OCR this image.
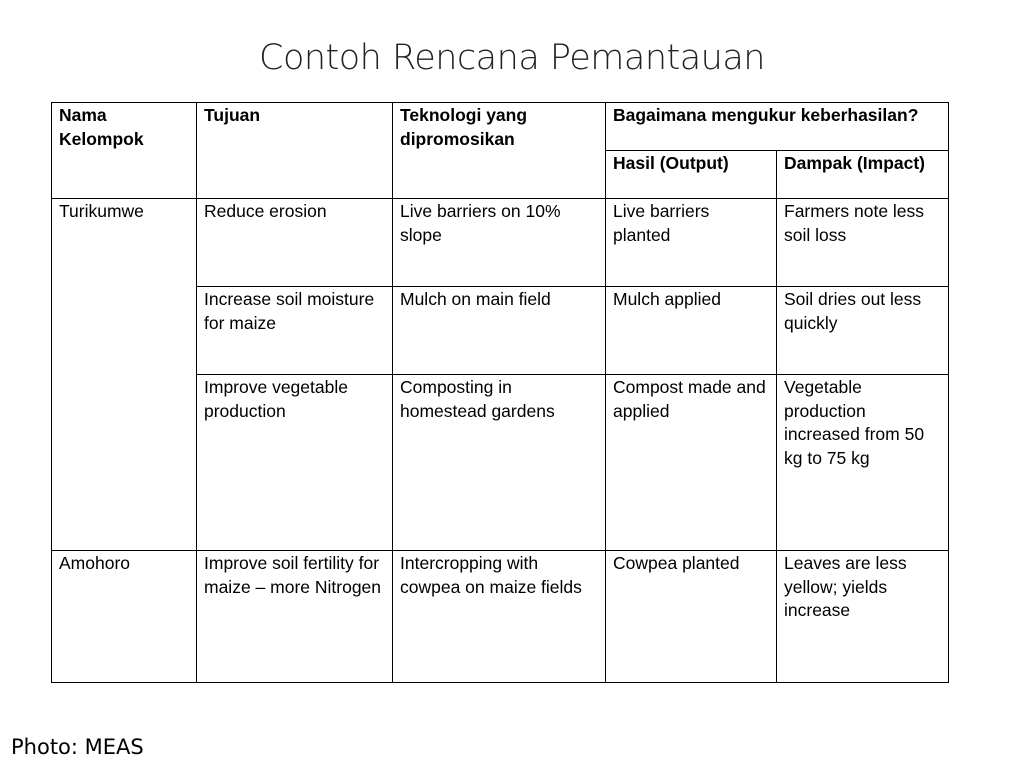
Contoh Rencana Pemantauan
Nama Kelompok	Tujuan	Teknologi yang dipromosikan	Bagaimana mengukur keberhasilan?	
			Hasil (Output)	Dampak (Impact)
Turikumwe	Reduce erosion	Live barriers on 10% slope	Live barriers planted	Farmers note less soil loss
	Increase soil moisture for maize	Mulch on main field	Mulch applied	Soil dries out less quickly
	Improve vegetable production	Composting in homestead gardens	Compost made and applied	Vegetable production increased from 50 kg to 75 kg
Amohoro	Improve soil fertility for maize – more Nitrogen	Intercropping with cowpea on maize fields	Cowpea planted	Leaves are less yellow; yields increase
Photo: MEAS
